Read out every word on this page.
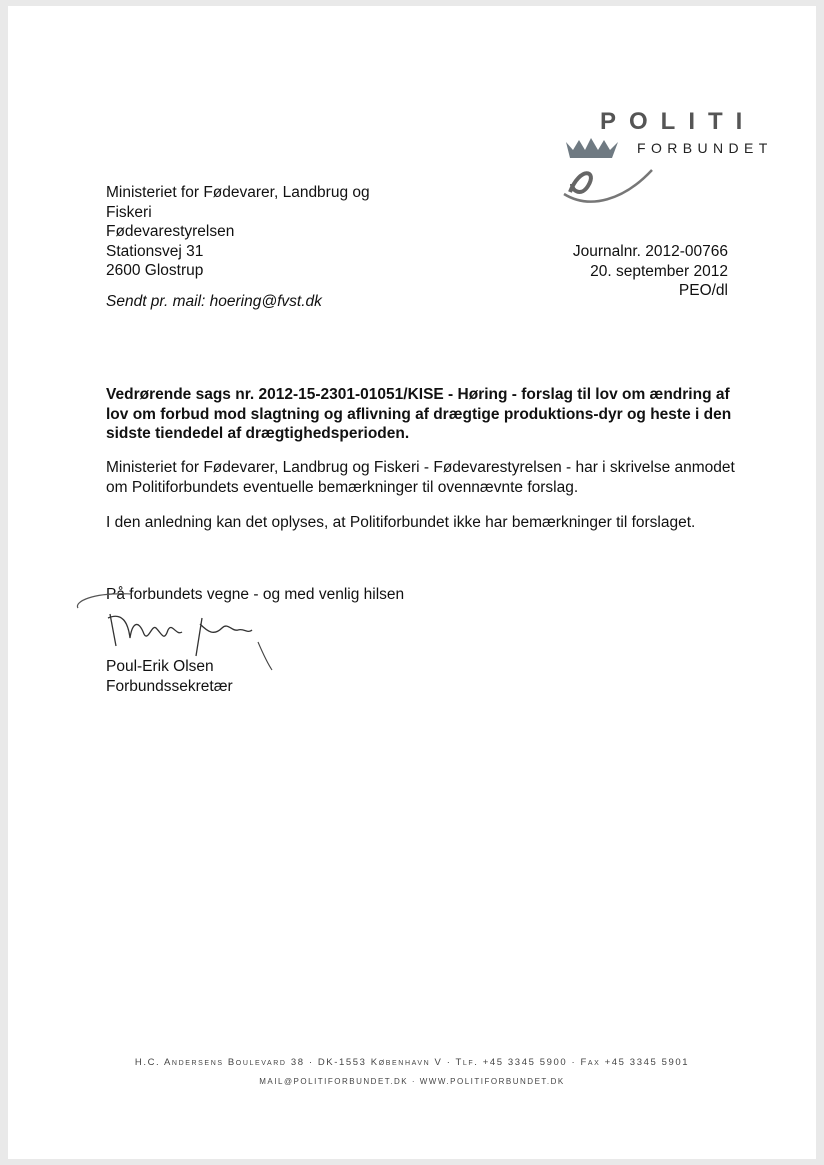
POLITI
FORBUNDET
Ministeriet for Fødevarer, Landbrug og
Fiskeri
Fødevarestyrelsen
Stationsvej 31
2600 Glostrup
Journalnr. 2012-00766
20. september 2012
PEO/dl
Sendt pr. mail: hoering@fvst.dk
Vedrørende sags nr. 2012-15-2301-01051/KISE - Høring - forslag til lov om ændring af lov om forbud mod slagtning og aflivning af drægtige produktions-dyr og heste i den sidste tiendedel af drægtighedsperioden.
Ministeriet for Fødevarer, Landbrug og Fiskeri - Fødevarestyrelsen - har i skrivelse anmodet om Politiforbundets eventuelle bemærkninger til ovennævnte forslag.
I den anledning kan det oplyses, at Politiforbundet ikke har bemærkninger til forslaget.
På forbundets vegne - og med venlig hilsen
Poul-Erik Olsen
Forbundssekretær
H.C. Andersens Boulevard 38 · DK-1553 København V · Tlf. +45 3345 5900 · Fax +45 3345 5901
MAIL@POLITIFORBUNDET.DK · WWW.POLITIFORBUNDET.DK
